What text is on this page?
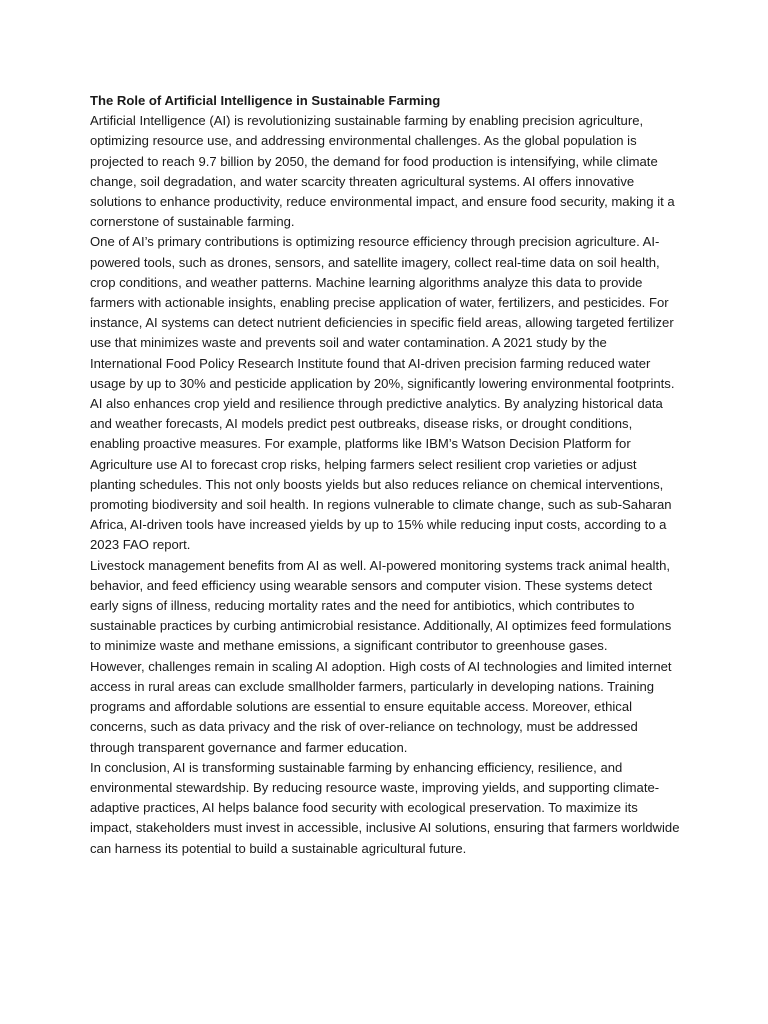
The Role of Artificial Intelligence in Sustainable Farming

Artificial Intelligence (AI) is revolutionizing sustainable farming by enabling precision agriculture, optimizing resource use, and addressing environmental challenges. As the global population is projected to reach 9.7 billion by 2050, the demand for food production is intensifying, while climate change, soil degradation, and water scarcity threaten agricultural systems. AI offers innovative solutions to enhance productivity, reduce environmental impact, and ensure food security, making it a cornerstone of sustainable farming.

One of AI’s primary contributions is optimizing resource efficiency through precision agriculture. AI-powered tools, such as drones, sensors, and satellite imagery, collect real-time data on soil health, crop conditions, and weather patterns. Machine learning algorithms analyze this data to provide farmers with actionable insights, enabling precise application of water, fertilizers, and pesticides. For instance, AI systems can detect nutrient deficiencies in specific field areas, allowing targeted fertilizer use that minimizes waste and prevents soil and water contamination. A 2021 study by the International Food Policy Research Institute found that AI-driven precision farming reduced water usage by up to 30% and pesticide application by 20%, significantly lowering environmental footprints.

AI also enhances crop yield and resilience through predictive analytics. By analyzing historical data and weather forecasts, AI models predict pest outbreaks, disease risks, or drought conditions, enabling proactive measures. For example, platforms like IBM’s Watson Decision Platform for Agriculture use AI to forecast crop risks, helping farmers select resilient crop varieties or adjust planting schedules. This not only boosts yields but also reduces reliance on chemical interventions, promoting biodiversity and soil health. In regions vulnerable to climate change, such as sub-Saharan Africa, AI-driven tools have increased yields by up to 15% while reducing input costs, according to a 2023 FAO report.

Livestock management benefits from AI as well. AI-powered monitoring systems track animal health, behavior, and feed efficiency using wearable sensors and computer vision. These systems detect early signs of illness, reducing mortality rates and the need for antibiotics, which contributes to sustainable practices by curbing antimicrobial resistance. Additionally, AI optimizes feed formulations to minimize waste and methane emissions, a significant contributor to greenhouse gases.

However, challenges remain in scaling AI adoption. High costs of AI technologies and limited internet access in rural areas can exclude smallholder farmers, particularly in developing nations. Training programs and affordable solutions are essential to ensure equitable access. Moreover, ethical concerns, such as data privacy and the risk of over-reliance on technology, must be addressed through transparent governance and farmer education.

In conclusion, AI is transforming sustainable farming by enhancing efficiency, resilience, and environmental stewardship. By reducing resource waste, improving yields, and supporting climate-adaptive practices, AI helps balance food security with ecological preservation. To maximize its impact, stakeholders must invest in accessible, inclusive AI solutions, ensuring that farmers worldwide can harness its potential to build a sustainable agricultural future.
